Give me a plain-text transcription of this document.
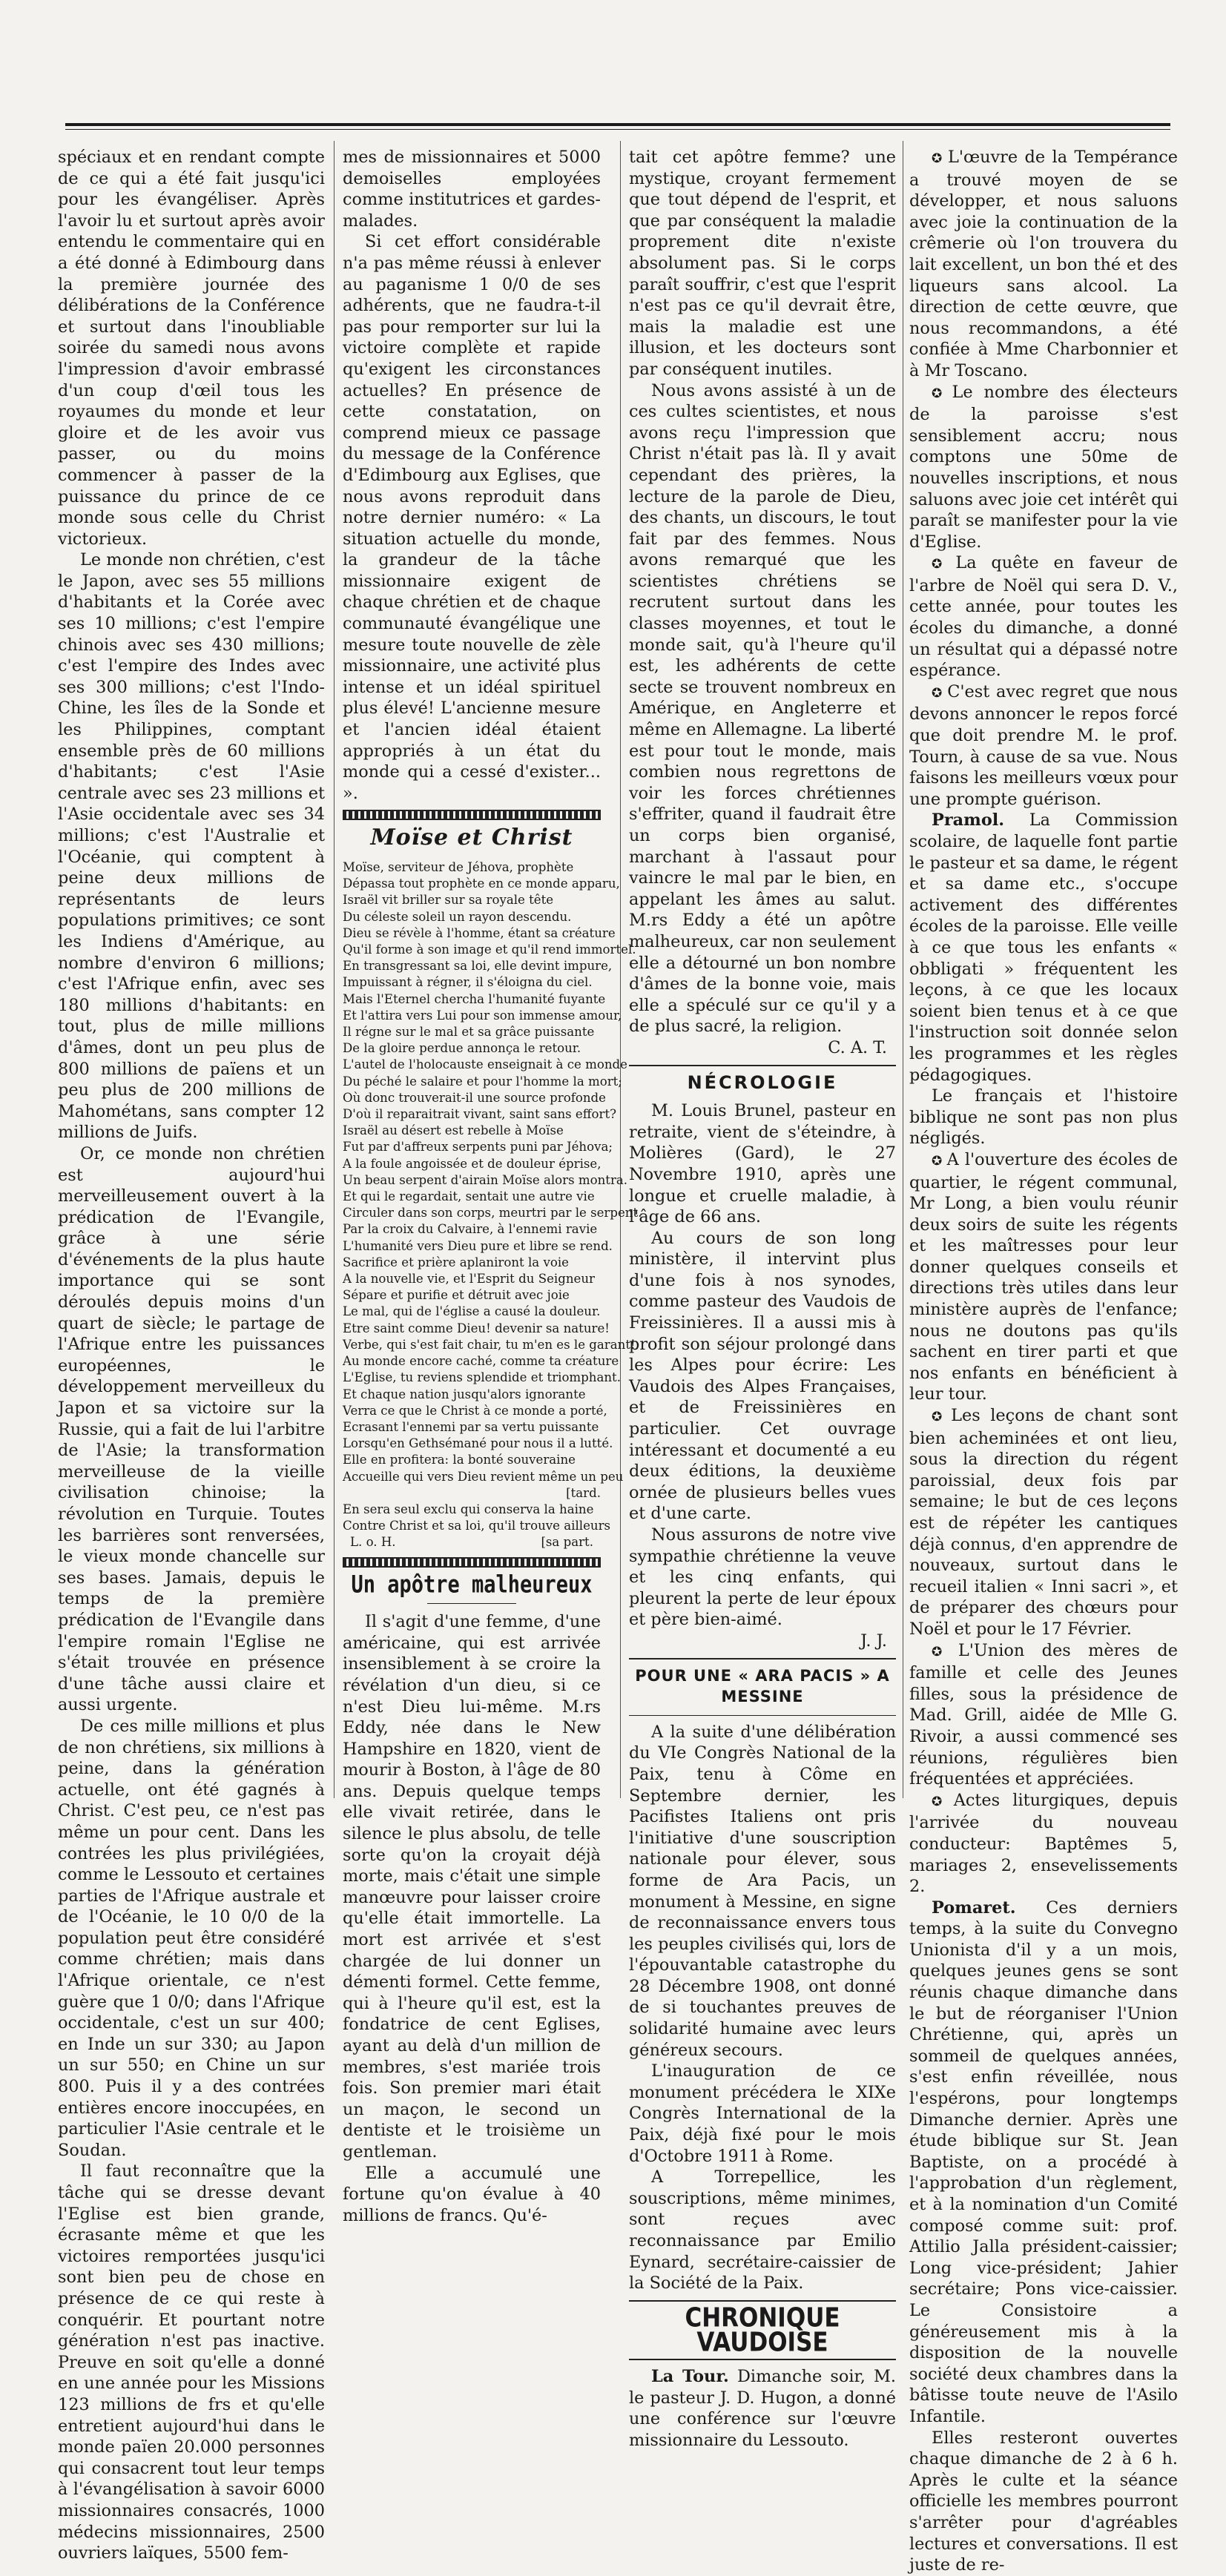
spéciaux et en rendant compte de ce qui a été fait jusqu'ici pour les évangéliser. Après l'avoir lu et surtout après avoir entendu le commentaire qui en a été donné à Edimbourg dans la première journée des délibérations de la Conférence et surtout dans l'inoubliable soirée du samedi nous avons l'impression d'avoir embrassé d'un coup d'œil tous les royaumes du monde et leur gloire et de les avoir vus passer, ou du moins commencer à passer de la puissance du prince de ce monde sous celle du Christ victorieux.

Le monde non chrétien, c'est le Japon, avec ses 55 millions d'habitants et la Corée avec ses 10 millions; c'est l'empire chinois avec ses 430 millions; c'est l'empire des Indes avec ses 300 millions; c'est l'Indo-Chine, les îles de la Sonde et les Philippines, comptant ensemble près de 60 millions d'habitants; c'est l'Asie centrale avec ses 23 millions et l'Asie occidentale avec ses 34 millions; c'est l'Australie et l'Océanie, qui comptent à peine deux millions de représentants de leurs populations primitives; ce sont les Indiens d'Amérique, au nombre d'environ 6 millions; c'est l'Afrique enfin, avec ses 180 millions d'habitants: en tout, plus de mille millions d'âmes, dont un peu plus de 800 millions de païens et un peu plus de 200 millions de Mahométans, sans compter 12 millions de Juifs.

Or, ce monde non chrétien est aujourd'hui merveilleusement ouvert à la prédication de l'Evangile, grâce à une série d'événements de la plus haute importance qui se sont déroulés depuis moins d'un quart de siècle; le partage de l'Afrique entre les puissances européennes, le développement merveilleux du Japon et sa victoire sur la Russie, qui a fait de lui l'arbitre de l'Asie; la transformation merveilleuse de la vieille civilisation chinoise; la révolution en Turquie. Toutes les barrières sont renversées, le vieux monde chancelle sur ses bases. Jamais, depuis le temps de la première prédication de l'Evangile dans l'empire romain l'Eglise ne s'était trouvée en présence d'une tâche aussi claire et aussi urgente.

De ces mille millions et plus de non chrétiens, six millions à peine, dans la génération actuelle, ont été gagnés à Christ. C'est peu, ce n'est pas même un pour cent. Dans les contrées les plus privilégiées, comme le Lessouto et certaines parties de l'Afrique australe et de l'Océanie, le 10 0/0 de la population peut être considéré comme chrétien; mais dans l'Afrique orientale, ce n'est guère que 1 0/0; dans l'Afrique occidentale, c'est un sur 400; en Inde un sur 330; au Japon un sur 550; en Chine un sur 800. Puis il y a des contrées entières encore inoccupées, en particulier l'Asie centrale et le Soudan.

Il faut reconnaître que la tâche qui se dresse devant l'Eglise est bien grande, écrasante même et que les victoires remportées jusqu'ici sont bien peu de chose en présence de ce qui reste à conquérir. Et pourtant notre génération n'est pas inactive. Preuve en soit qu'elle a donné en une année pour les Missions 123 millions de frs et qu'elle entretient aujourd'hui dans le monde païen 20.000 personnes qui consacrent tout leur temps à l'évangélisation à savoir 6000 missionnaires consacrés, 1000 médecins missionnaires, 2500 ouvriers laïques, 5500 fem-

mes de missionnaires et 5000 demoiselles employées comme institutrices et gardes-malades.

Si cet effort considérable n'a pas même réussi à enlever au paganisme 1 0/0 de ses adhérents, que ne faudra-t-il pas pour remporter sur lui la victoire complète et rapide qu'exigent les circonstances actuelles? En présence de cette constatation, on comprend mieux ce passage du message de la Conférence d'Edimbourg aux Eglises, que nous avons reproduit dans notre dernier numéro: « La situation actuelle du monde, la grandeur de la tâche missionnaire exigent de chaque chrétien et de chaque communauté évangélique une mesure toute nouvelle de zèle missionnaire, une activité plus intense et un idéal spirituel plus élevé! L'ancienne mesure et l'ancien idéal étaient appropriés à un état du monde qui a cessé d'exister... ».

Moïse et Christ
Moïse, serviteur de Jéhova, prophète
Dépassa tout prophète en ce monde apparu,
Israël vit briller sur sa royale tête
Du céleste soleil un rayon descendu.
Dieu se révèle à l'homme, étant sa créature
Qu'il forme à son image et qu'il rend immortel.
En transgressant sa loi, elle devint impure,
Impuissant à régner, il s'éloigna du ciel.
Mais l'Eternel chercha l'humanité fuyante
Et l'attira vers Lui pour son immense amour,
Il régne sur le mal et sa grâce puissante
De la gloire perdue annonça le retour.
L'autel de l'holocauste enseignait à ce monde
Du péché le salaire et pour l'homme la mort;
Où donc trouverait-il une source profonde
D'où il reparaitrait vivant, saint sans effort?
Israël au désert est rebelle à Moïse
Fut par d'affreux serpents puni par Jéhova;
A la foule angoissée et de douleur éprise,
Un beau serpent d'airain Moïse alors montra.
Et qui le regardait, sentait une autre vie
Circuler dans son corps, meurtri par le serpent.
Par la croix du Calvaire, à l'ennemi ravie
L'humanité vers Dieu pure et libre se rend.
Sacrifice et prière aplaniront la voie
A la nouvelle vie, et l'Esprit du Seigneur
Sépare et purifie et détruit avec joie
Le mal, qui de l'église a causé la douleur.
Etre saint comme Dieu! devenir sa nature!
Verbe, qui s'est fait chair, tu m'en es le garant!
Au monde encore caché, comme ta créature
L'Eglise, tu reviens splendide et triomphant.
Et chaque nation jusqu'alors ignorante
Verra ce que le Christ à ce monde a porté,
Ecrasant l'ennemi par sa vertu puissante
Lorsqu'en Gethsémané pour nous il a lutté.
Elle en profitera: la bonté souveraine
Accueille qui vers Dieu revient même un peu
[tard.
En sera seul exclu qui conserva la haine
Contre Christ et sa loi, qu'il trouve ailleurs
L. o. H.	[sa part.
Un apôtre malheureux

Il s'agit d'une femme, d'une américaine, qui est arrivée insensiblement à se croire la révélation d'un dieu, si ce n'est Dieu lui-même. M.rs Eddy, née dans le New Hampshire en 1820, vient de mourir à Boston, à l'âge de 80 ans. Depuis quelque temps elle vivait retirée, dans le silence le plus absolu, de telle sorte qu'on la croyait déjà morte, mais c'était une simple manœuvre pour laisser croire qu'elle était immortelle. La mort est arrivée et s'est chargée de lui donner un démenti formel. Cette femme, qui à l'heure qu'il est, est la fondatrice de cent Eglises, ayant au delà d'un million de membres, s'est mariée trois fois. Son premier mari était un maçon, le second un dentiste et le troisième un gentleman.

Elle a accumulé une fortune qu'on évalue à 40 millions de francs. Qu'é-

tait cet apôtre femme? une mystique, croyant fermement que tout dépend de l'esprit, et que par conséquent la maladie proprement dite n'existe absolument pas. Si le corps paraît souffrir, c'est que l'esprit n'est pas ce qu'il devrait être, mais la maladie est une illusion, et les docteurs sont par conséquent inutiles.

Nous avons assisté à un de ces cultes scientistes, et nous avons reçu l'impression que Christ n'était pas là. Il y avait cependant des prières, la lecture de la parole de Dieu, des chants, un discours, le tout fait par des femmes. Nous avons remarqué que les scientistes chrétiens se recrutent surtout dans les classes moyennes, et tout le monde sait, qu'à l'heure qu'il est, les adhérents de cette secte se trouvent nombreux en Amérique, en Angleterre et même en Allemagne. La liberté est pour tout le monde, mais combien nous regrettons de voir les forces chrétiennes s'effriter, quand il faudrait être un corps bien organisé, marchant à l'assaut pour vaincre le mal par le bien, en appelant les âmes au salut. M.rs Eddy a été un apôtre malheureux, car non seulement elle a détourné un bon nombre d'âmes de la bonne voie, mais elle a spéculé sur ce qu'il y a de plus sacré, la religion.

C. A. T.
NÉCROLOGIE

M. Louis Brunel, pasteur en retraite, vient de s'éteindre, à Molières (Gard), le 27 Novembre 1910, après une longue et cruelle maladie, à l'âge de 66 ans.

Au cours de son long ministère, il intervint plus d'une fois à nos synodes, comme pasteur des Vaudois de Freissinières. Il a aussi mis à profit son séjour prolongé dans les Alpes pour écrire: Les Vaudois des Alpes Françaises, et de Freissinières en particulier. Cet ouvrage intéressant et documenté a eu deux éditions, la deuxième ornée de plusieurs belles vues et d'une carte.

Nous assurons de notre vive sympathie chrétienne la veuve et les cinq enfants, qui pleurent la perte de leur époux et père bien-aimé.

J. J.
POUR UNE « ARA PACIS » A MESSINE

A la suite d'une délibération du VIe Congrès National de la Paix, tenu à Côme en Septembre dernier, les Pacifistes Italiens ont pris l'initiative d'une souscription nationale pour élever, sous forme de Ara Pacis, un monument à Messine, en signe de reconnaissance envers tous les peuples civilisés qui, lors de l'épouvantable catastrophe du 28 Décembre 1908, ont donné de si touchantes preuves de solidarité humaine avec leurs généreux secours.

L'inauguration de ce monument précédera le XIXe Congrès International de la Paix, déjà fixé pour le mois d'Octobre 1911 à Rome.

A Torrepellice, les souscriptions, même minimes, sont reçues avec reconnaissance par Emilio Eynard, secrétaire-caissier de la Société de la Paix.

CHRONIQUE VAUDOISE

La Tour. Dimanche soir, M. le pasteur J. D. Hugon, a donné une conférence sur l'œuvre missionnaire du Lessouto.

✪ L'œuvre de la Tempérance a trouvé moyen de se développer, et nous saluons avec joie la continuation de la crêmerie où l'on trouvera du lait excellent, un bon thé et des liqueurs sans alcool. La direction de cette œuvre, que nous recommandons, a été confiée à Mme Charbonnier et à Mr Toscano.

✪ Le nombre des électeurs de la paroisse s'est sensiblement accru; nous comptons une 50me de nouvelles inscriptions, et nous saluons avec joie cet intérêt qui paraît se manifester pour la vie d'Eglise.

✪ La quête en faveur de l'arbre de Noël qui sera D. V., cette année, pour toutes les écoles du dimanche, a donné un résultat qui a dépassé notre espérance.

✪ C'est avec regret que nous devons annoncer le repos forcé que doit prendre M. le prof. Tourn, à cause de sa vue. Nous faisons les meilleurs vœux pour une prompte guérison.

Pramol. La Commission scolaire, de laquelle font partie le pasteur et sa dame, le régent et sa dame etc., s'occupe activement des différentes écoles de la paroisse. Elle veille à ce que tous les enfants « obbligati » fréquentent les leçons, à ce que les locaux soient bien tenus et à ce que l'instruction soit donnée selon les programmes et les règles pédagogiques.

Le français et l'histoire biblique ne sont pas non plus négligés.

✪ A l'ouverture des écoles de quartier, le régent communal, Mr Long, a bien voulu réunir deux soirs de suite les régents et les maîtresses pour leur donner quelques conseils et directions très utiles dans leur ministère auprès de l'enfance; nous ne doutons pas qu'ils sachent en tirer parti et que nos enfants en bénéficient à leur tour.

✪ Les leçons de chant sont bien acheminées et ont lieu, sous la direction du régent paroissial, deux fois par semaine; le but de ces leçons est de répéter les cantiques déjà connus, d'en apprendre de nouveaux, surtout dans le recueil italien « Inni sacri », et de préparer des chœurs pour Noël et pour le 17 Février.

✪ L'Union des mères de famille et celle des Jeunes filles, sous la présidence de Mad. Grill, aidée de Mlle G. Rivoir, a aussi commencé ses réunions, régulières bien fréquentées et appréciées.

✪ Actes liturgiques, depuis l'arrivée du nouveau conducteur: Baptêmes 5, mariages 2, ensevelissements 2.

Pomaret. Ces derniers temps, à la suite du Convegno Unionista d'il y a un mois, quelques jeunes gens se sont réunis chaque dimanche dans le but de réorganiser l'Union Chrétienne, qui, après un sommeil de quelques années, s'est enfin réveillée, nous l'espérons, pour longtemps Dimanche dernier. Après une étude biblique sur St. Jean Baptiste, on a procédé à l'approbation d'un règlement, et à la nomination d'un Comité composé comme suit: prof. Attilio Jalla président-caissier; Long vice-président; Jahier secrétaire; Pons vice-caissier. Le Consistoire a généreusement mis à la disposition de la nouvelle société deux chambres dans la bâtisse toute neuve de l'Asilo Infantile.

Elles resteront ouvertes chaque dimanche de 2 à 6 h. Après le culte et la séance officielle les membres pourront s'arrêter pour d'agréables lectures et conversations. Il est juste de re-
